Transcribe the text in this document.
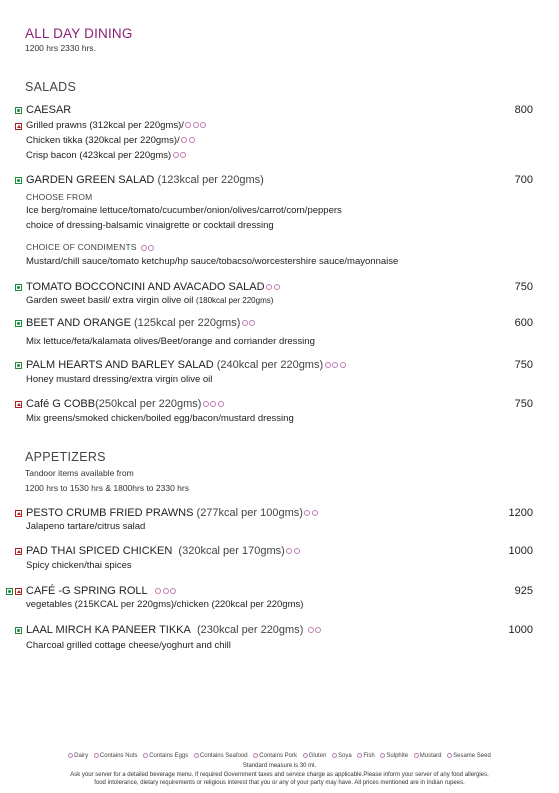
ALL DAY DINING
1200 hrs 2330 hrs.
SALADS
CAESAR	800
Grilled prawns (312kcal per 220gms)/
Chicken tikka (320kcal per 220gms)/
Crisp bacon (423kcal per 220gms)
GARDEN GREEN SALAD (123kcal per 220gms)	700
CHOOSE FROM
Ice berg/romaine lettuce/tomato/cucumber/onion/olives/carrot/corn/peppers
choice of dressing-balsamic vinaigrette or cocktail dressing
CHOICE OF CONDIMENTS
Mustard/chill sauce/tomato ketchup/hp sauce/tobacso/worcestershire sauce/mayonnaise
TOMATO BOCCONCINI AND AVACADO SALAD	750
Garden sweet basil/ extra virgin olive oil (180kcal per 220gms)
BEET AND ORANGE (125kcal per 220gms)	600
Mix lettuce/feta/kalamata olives/Beet/orange and corriander dressing
PALM HEARTS AND BARLEY SALAD (240kcal per 220gms)	750
Honey mustard dressing/extra virgin olive oil
Café G COBB(250kcal per 220gms)	750
Mix greens/smoked chicken/boiled egg/bacon/mustard dressing
APPETIZERS
Tandoor items available from
1200 hrs to 1530 hrs & 1800hrs to 2330 hrs
PESTO CRUMB FRIED PRAWNS (277kcal per 100gms)	1200
Jalapeno tartare/citrus salad
PAD THAI SPICED CHICKEN (320kcal per 170gms)	1000
Spicy chicken/thai spices
CAFÉ -G SPRING ROLL	925
vegetables (215KCAL per 220gms)/chicken (220kcal per 220gms)
LAAL MIRCH KA PANEER TIKKA (230kcal per 220gms)	1000
Charcoal grilled cottage cheese/yoghurt and chill
Dairy Contains Nuts Contains Eggs Contains Seafood Contains Pork Gluten Soya Fish Sulphite Mustard Sesame Seed
Standard measure is 30 ml.
Ask your server for a detailed beverage menu. If required Government taxes and service charge as applicable.Please inform your server of any food allergies,
food intolerance, dietary requirements or religious interest that you or any of your party may have. All prices mentioned are in Indian rupees.
